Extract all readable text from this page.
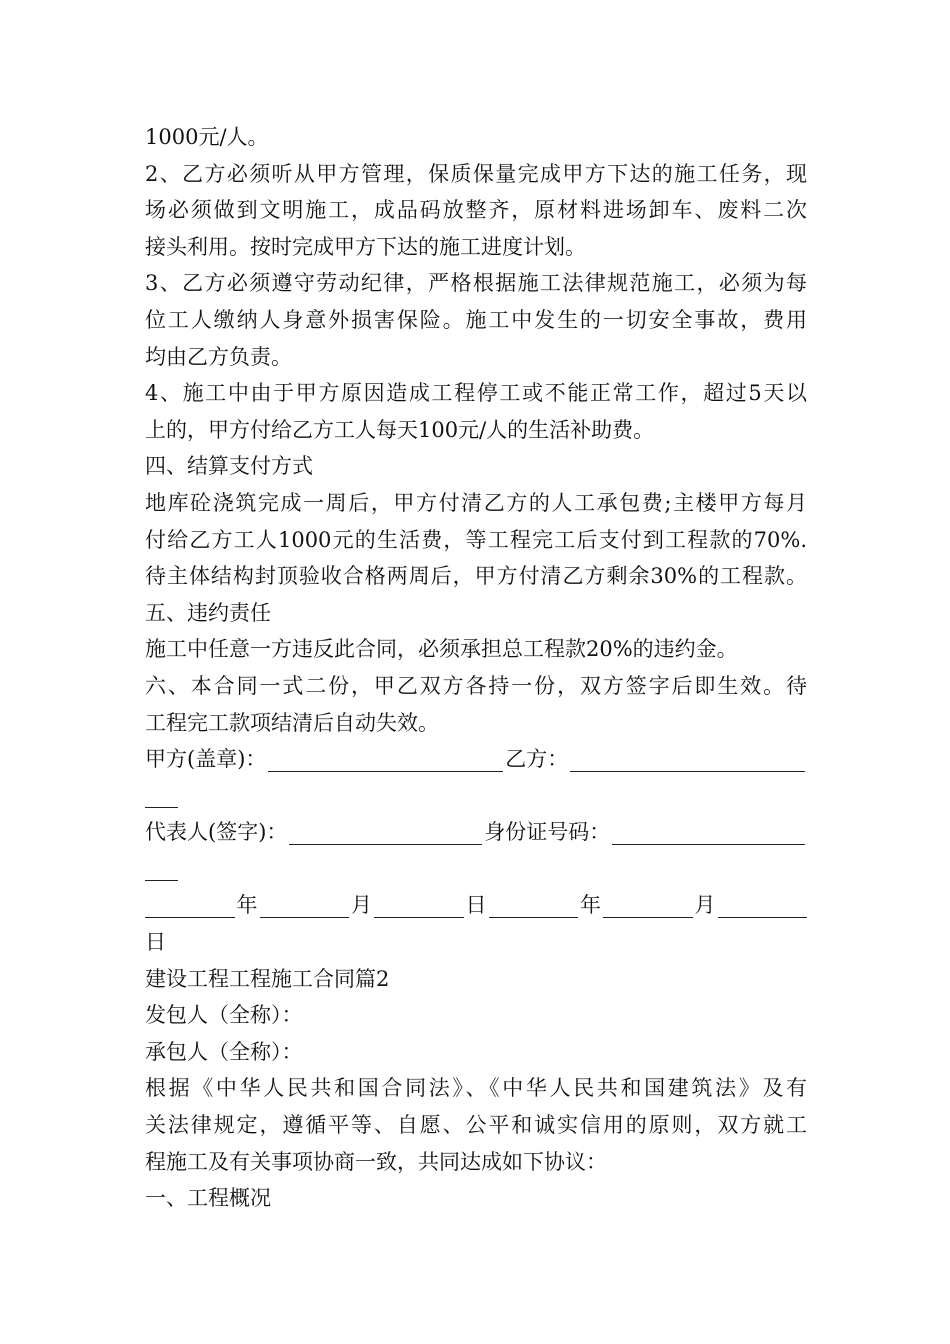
1000元/人。
2、乙方必须听从甲方管理，保质保量完成甲方下达的施工任务，现
场必须做到文明施工，成品码放整齐，原材料进场卸车、废料二次
接头利用。按时完成甲方下达的施工进度计划。
3、乙方必须遵守劳动纪律，严格根据施工法律规范施工，必须为每
位工人缴纳人身意外损害保险。施工中发生的一切安全事故，费用
均由乙方负责。
4、施工中由于甲方原因造成工程停工或不能正常工作，超过5天以
上的，甲方付给乙方工人每天100元/人的生活补助费。
四、结算支付方式
地库砼浇筑完成一周后，甲方付清乙方的人工承包费;主楼甲方每月
付给乙方工人1000元的生活费，等工程完工后支付到工程款的70%.
待主体结构封顶验收合格两周后，甲方付清乙方剩余30%的工程款。
五、违约责任
施工中任意一方违反此合同，必须承担总工程款20%的违约金。
六、本合同一式二份，甲乙双方各持一份，双方签字后即生效。待
工程完工款项结清后自动失效。
甲方(盖章)：	乙方：
代表人(签字)：	身份证号码：
年	月	日	年	月
日
建设工程工程施工合同篇2
发包人（全称）：
承包人（全称）：
根据《中华人民共和国合同法》、《中华人民共和国建筑法》及有
关法律规定，遵循平等、自愿、公平和诚实信用的原则，双方就工
程施工及有关事项协商一致，共同达成如下协议：
一、工程概况
